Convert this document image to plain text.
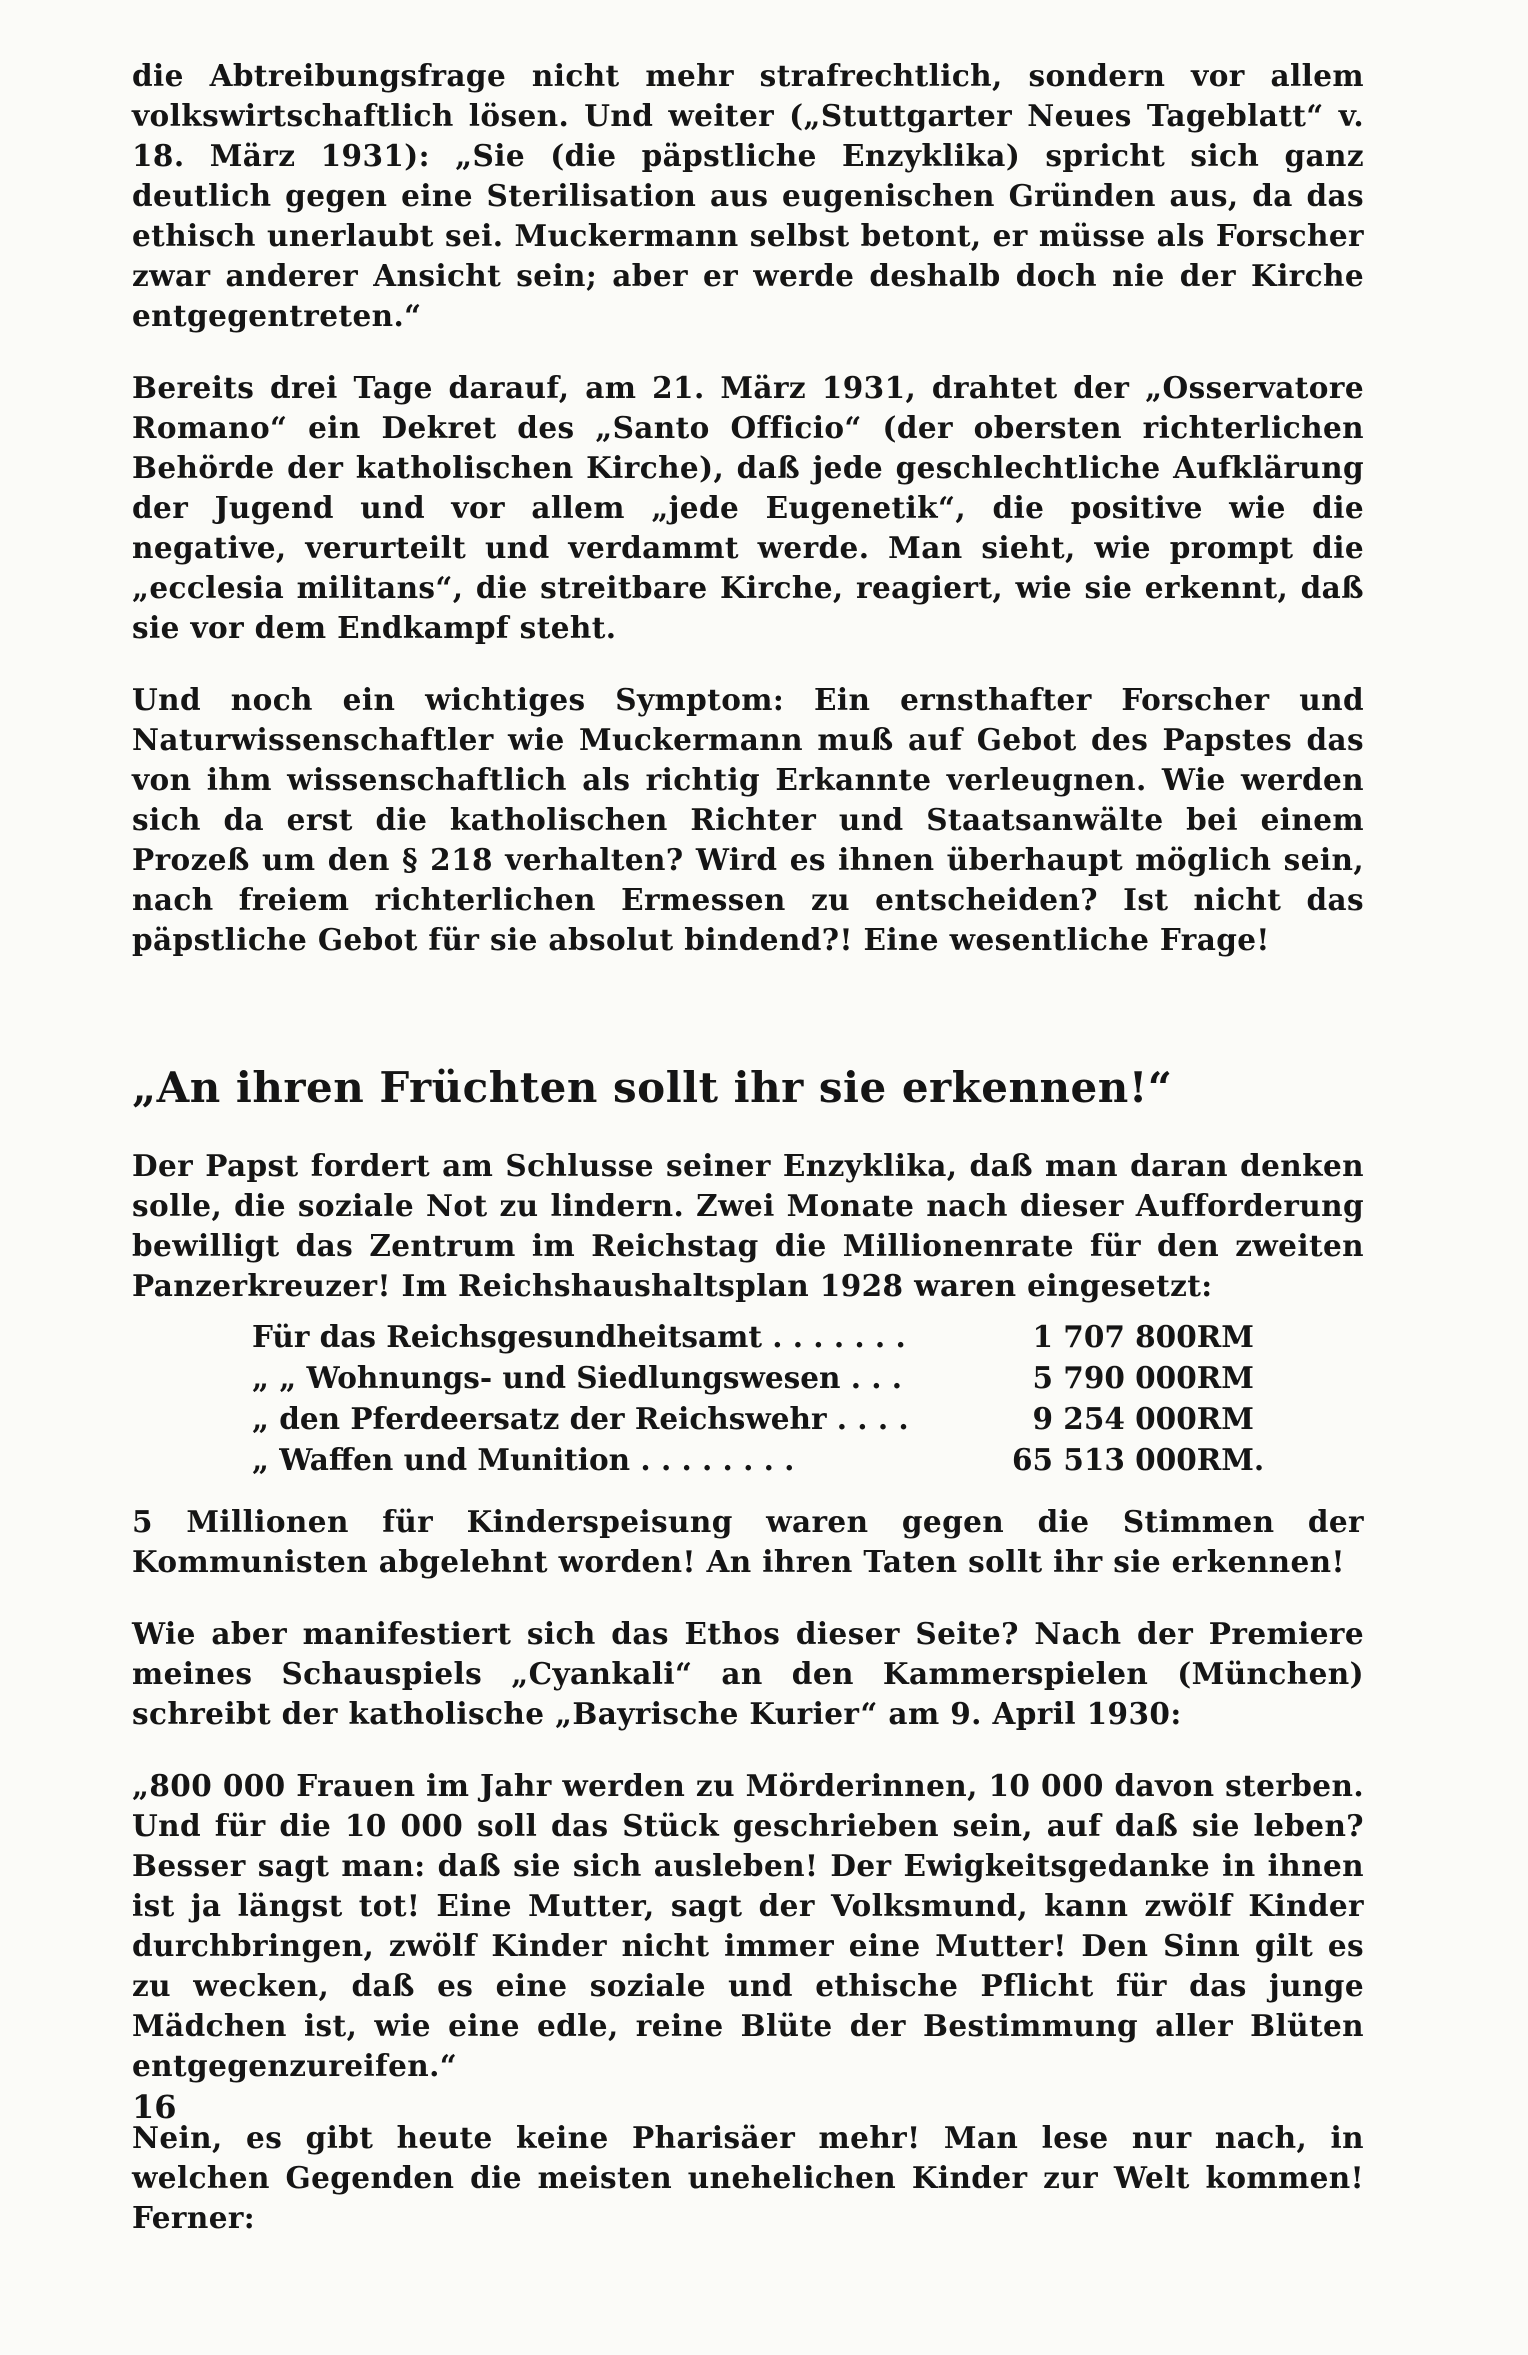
die Abtreibungsfrage nicht mehr strafrechtlich, sondern vor allem volkswirtschaftlich lösen. Und weiter („Stuttgarter Neues Tageblatt“ v. 18. März 1931): „Sie (die päpstliche Enzyklika) spricht sich ganz deutlich gegen eine Sterilisation aus eugenischen Gründen aus, da das ethisch unerlaubt sei. Muckermann selbst betont, er müsse als Forscher zwar anderer Ansicht sein; aber er werde deshalb doch nie der Kirche entgegentreten.“

Bereits drei Tage darauf, am 21. März 1931, drahtet der „Osservatore Romano“ ein Dekret des „Santo Officio“ (der obersten richterlichen Behörde der katholischen Kirche), daß jede geschlechtliche Aufklärung der Jugend und vor allem „jede Eugenetik“, die positive wie die negative, verurteilt und verdammt werde. Man sieht, wie prompt die „ecclesia militans“, die streitbare Kirche, reagiert, wie sie erkennt, daß sie vor dem Endkampf steht.

Und noch ein wichtiges Symptom: Ein ernsthafter Forscher und Naturwissenschaftler wie Muckermann muß auf Gebot des Papstes das von ihm wissenschaftlich als richtig Erkannte verleugnen. Wie werden sich da erst die katholischen Richter und Staatsanwälte bei einem Prozeß um den § 218 verhalten? Wird es ihnen überhaupt möglich sein, nach freiem richterlichen Ermessen zu entscheiden? Ist nicht das päpstliche Gebot für sie absolut bindend?! Eine wesentliche Frage!

„An ihren Früchten sollt ihr sie erkennen!“

Der Papst fordert am Schlusse seiner Enzyklika, daß man daran denken solle, die soziale Not zu lindern. Zwei Monate nach dieser Aufforderung bewilligt das Zentrum im Reichstag die Millionenrate für den zweiten Panzerkreuzer! Im Reichshaushaltsplan 1928 waren eingesetzt:

Für das Reichsgesundheitsamt . . . . . . .	1 707 800	RM
„ „ Wohnungs- und Siedlungswesen . . .	5 790 000	RM
„ den Pferdeersatz der Reichswehr . . . .	9 254 000	RM
„ Waffen und Munition . . . . . . . .	65 513 000	RM.

5 Millionen für Kinderspeisung waren gegen die Stimmen der Kommunisten abgelehnt worden! An ihren Taten sollt ihr sie erkennen!

Wie aber manifestiert sich das Ethos dieser Seite? Nach der Premiere meines Schauspiels „Cyankali“ an den Kammerspielen (München) schreibt der katholische „Bayrische Kurier“ am 9. April 1930:

„800 000 Frauen im Jahr werden zu Mörderinnen, 10 000 davon sterben. Und für die 10 000 soll das Stück geschrieben sein, auf daß sie leben? Besser sagt man: daß sie sich ausleben! Der Ewigkeitsgedanke in ihnen ist ja längst tot! Eine Mutter, sagt der Volksmund, kann zwölf Kinder durchbringen, zwölf Kinder nicht immer eine Mutter! Den Sinn gilt es zu wecken, daß es eine soziale und ethische Pflicht für das junge Mädchen ist, wie eine edle, reine Blüte der Bestimmung aller Blüten entgegenzureifen.“

Nein, es gibt heute keine Pharisäer mehr! Man lese nur nach, in welchen Gegenden die meisten unehelichen Kinder zur Welt kommen! Ferner:

16
